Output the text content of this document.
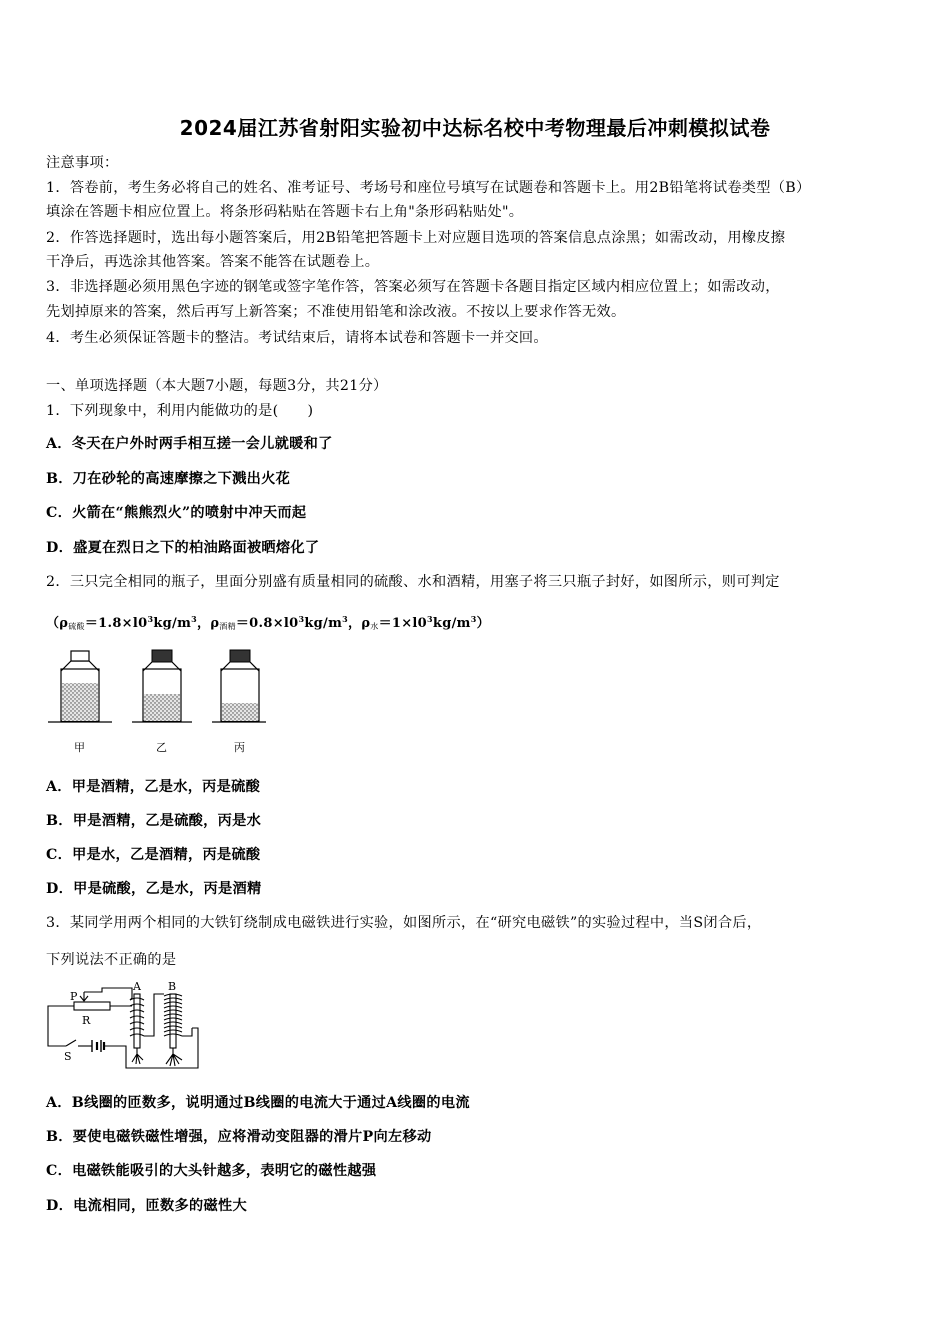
2024届江苏省射阳实验初中达标名校中考物理最后冲刺模拟试卷
注意事项：
1．答卷前，考生务必将自己的姓名、准考证号、考场号和座位号填写在试题卷和答题卡上。用2B铅笔将试卷类型（B）
填涂在答题卡相应位置上。将条形码粘贴在答题卡右上角"条形码粘贴处"。
2．作答选择题时，选出每小题答案后，用2B铅笔把答题卡上对应题目选项的答案信息点涂黑；如需改动，用橡皮擦
干净后，再选涂其他答案。答案不能答在试题卷上。
3．非选择题必须用黑色字迹的钢笔或签字笔作答，答案必须写在答题卡各题目指定区域内相应位置上；如需改动，
先划掉原来的答案，然后再写上新答案；不准使用铅笔和涂改液。不按以上要求作答无效。
4．考生必须保证答题卡的整洁。考试结束后，请将本试卷和答题卡一并交回。
一、单项选择题（本大题7小题，每题3分，共21分）
1．下列现象中，利用内能做功的是(　　)
A．冬天在户外时两手相互搓一会儿就暖和了
B．刀在砂轮的高速摩擦之下溅出火花
C．火箭在“熊熊烈火”的喷射中冲天而起
D．盛夏在烈日之下的柏油路面被晒熔化了
2．三只完全相同的瓶子，里面分别盛有质量相同的硫酸、水和酒精，用塞子将三只瓶子封好，如图所示，则可判定
（$\rho_{硫酸}=1.8\times l0^3kg/m^3$，$\rho_{酒精}=0.8\times l0^3kg/m^3$，$\rho_水=1\times l0^3kg/m^3$）
甲	乙	丙
A．甲是酒精，乙是水，丙是硫酸
B．甲是酒精，乙是硫酸，丙是水
C．甲是水，乙是酒精，丙是硫酸
D．甲是硫酸，乙是水，丙是酒精
3．某同学用两个相同的大铁钉绕制成电磁铁进行实验，如图所示，在“研究电磁铁”的实验过程中，当S闭合后，
下列说法不正确的是
P
R
S
A B
A．B线圈的匝数多，说明通过B线圈的电流大于通过A线圈的电流
B．要使电磁铁磁性增强，应将滑动变阻器的滑片P向左移动
C．电磁铁能吸引的大头针越多，表明它的磁性越强
D．电流相同，匝数多的磁性大
